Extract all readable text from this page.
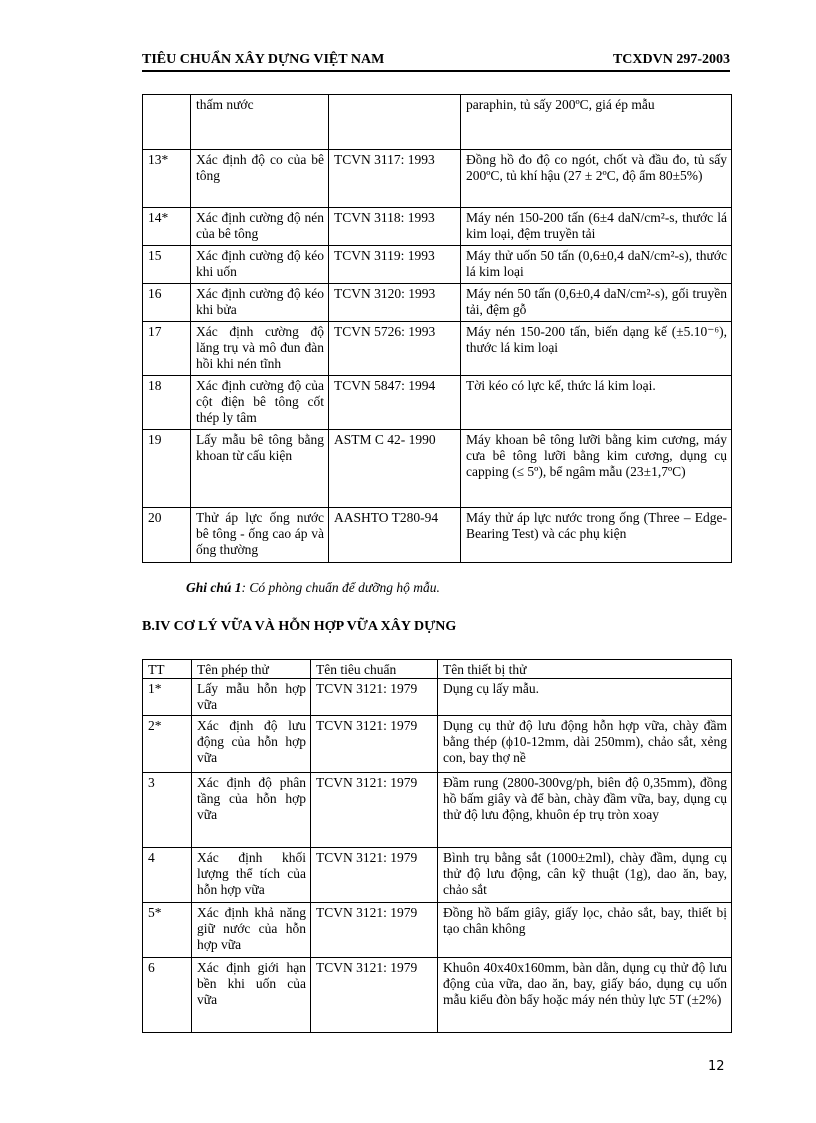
TIÊU CHUẨN XÂY DỰNG VIỆT NAM	TCXDVN 297-2003
	thấm nước		paraphin, tủ sấy 200ºC, giá ép mẫu
13*	Xác định độ co của bê tông	TCVN 3117: 1993	Đồng hồ đo độ co ngót, chốt và đầu đo, tủ sấy 200ºC, tủ khí hậu (27 ± 2ºC, độ ẩm 80±5%)
14*	Xác định cường độ nén của bê tông	TCVN 3118: 1993	Máy nén 150-200 tấn (6±4 daN/cm²-s, thước lá kim loại, đệm truyền tải
15	Xác định cường độ kéo khi uốn	TCVN 3119: 1993	Máy thử uốn 50 tấn (0,6±0,4 daN/cm²-s), thước lá kim loại
16	Xác định cường độ kéo khi bửa	TCVN 3120: 1993	Máy nén 50 tấn (0,6±0,4 daN/cm²-s), gối truyền tải, đệm gỗ
17	Xác định cường độ lăng trụ và mô đun đàn hồi khi nén tĩnh	TCVN 5726: 1993	Máy nén 150-200 tấn, biến dạng kế (±5.10⁻⁶), thước lá kim loại
18	Xác định cường độ của cột điện bê tông cốt thép ly tâm	TCVN 5847: 1994	Tời kéo có lực kế, thức lá kim loại.
19	Lấy mẫu bê tông bằng khoan từ cấu kiện	ASTM C 42- 1990	Máy khoan bê tông lưỡi bằng kim cương, máy cưa bê tông lưỡi bằng kim cương, dụng cụ capping (≤ 5º), bể ngâm mẫu (23±1,7ºC)
20	Thử áp lực ống nước bê tông - ống cao áp và ống thường	AASHTO T280-94	Máy thử áp lực nước trong ống (Three – Edge-Bearing Test) và các phụ kiện
Ghi chú 1: Có phòng chuẩn để dưỡng hộ mẫu.
B.IV CƠ LÝ VỮA VÀ HỖN HỢP VỮA XÂY DỰNG
TT	Tên phép thử	Tên tiêu chuẩn	Tên thiết bị thử
1*	Lấy mẫu hỗn hợp vữa	TCVN 3121: 1979	Dụng cụ lấy mẫu.
2*	Xác định độ lưu động của hỗn hợp vữa	TCVN 3121: 1979	Dụng cụ thử độ lưu động hỗn hợp vữa, chày đầm bằng thép (ϕ10-12mm, dài 250mm), chảo sắt, xẻng con, bay thợ nề
3	Xác định độ phân tầng của hỗn hợp vữa	TCVN 3121: 1979	Đầm rung (2800-300vg/ph, biên độ 0,35mm), đồng hồ bấm giây và để bàn, chày đầm vữa, bay, dụng cụ thử độ lưu động, khuôn ép trụ tròn xoay
4	Xác định khối lượng thể tích của hỗn hợp vữa	TCVN 3121: 1979	Bình trụ bằng sắt (1000±2ml), chày đầm, dụng cụ thử độ lưu động, cân kỹ thuật (1g), dao ăn, bay, chảo sắt
5*	Xác định khả năng giữ nước của hỗn hợp vữa	TCVN 3121: 1979	Đồng hồ bấm giây, giấy lọc, chảo sắt, bay, thiết bị tạo chân không
6	Xác định giới hạn bền khi uốn của vữa	TCVN 3121: 1979	Khuôn 40x40x160mm, bàn dằn, dụng cụ thử độ lưu động của vữa, dao ăn, bay, giấy báo, dụng cụ uốn mẫu kiểu đòn bẩy hoặc máy nén thủy lực 5T (±2%)
12
